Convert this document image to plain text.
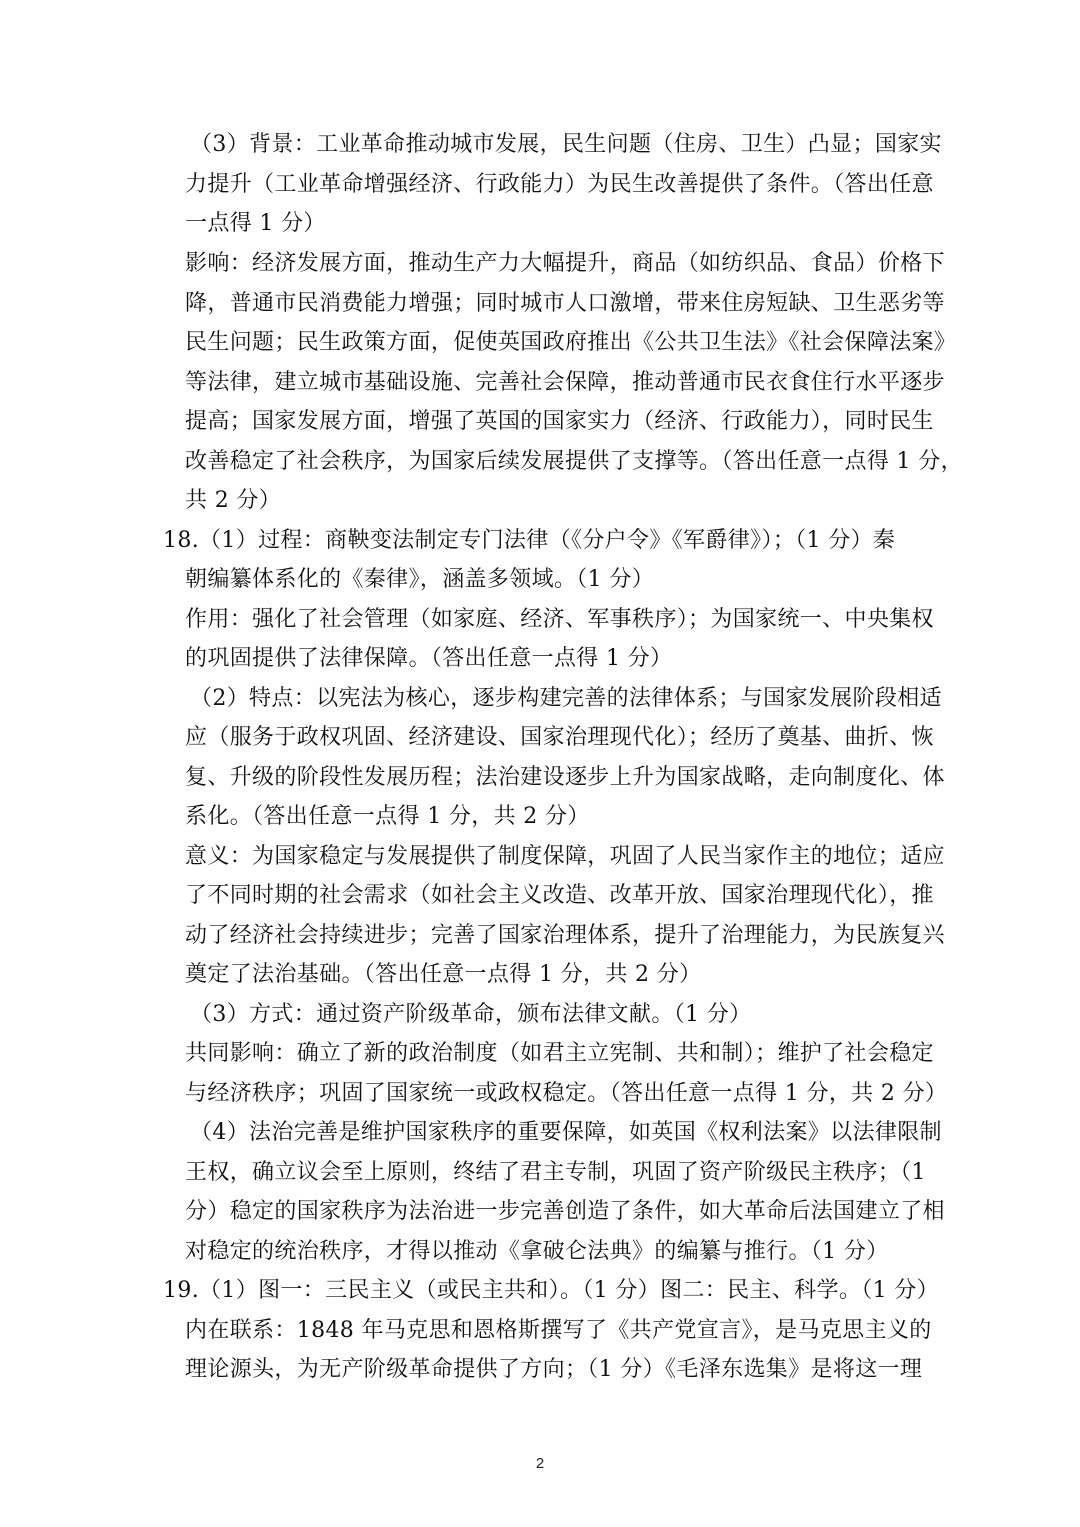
（3）背景：工业革命推动城市发展，民生问题（住房、卫生）凸显；国家实
力提升（工业革命增强经济、行政能力）为民生改善提供了条件。（答出任意
一点得 1 分）
影响：经济发展方面，推动生产力大幅提升，商品（如纺织品、食品）价格下
降，普通市民消费能力增强；同时城市人口激增，带来住房短缺、卫生恶劣等
民生问题；民生政策方面，促使英国政府推出《公共卫生法》《社会保障法案》
等法律，建立城市基础设施、完善社会保障，推动普通市民衣食住行水平逐步
提高；国家发展方面，增强了英国的国家实力（经济、行政能力），同时民生
改善稳定了社会秩序，为国家后续发展提供了支撑等。（答出任意一点得 1 分，
共 2 分）
18.（1）过程：商鞅变法制定专门法律（《分户令》《军爵律》）；（1 分）秦
朝编纂体系化的《秦律》，涵盖多领域。（1 分）
作用：强化了社会管理（如家庭、经济、军事秩序）；为国家统一、中央集权
的巩固提供了法律保障。（答出任意一点得 1 分）
（2）特点：以宪法为核心，逐步构建完善的法律体系；与国家发展阶段相适
应（服务于政权巩固、经济建设、国家治理现代化）；经历了奠基、曲折、恢
复、升级的阶段性发展历程；法治建设逐步上升为国家战略，走向制度化、体
系化。（答出任意一点得 1 分，共 2 分）
意义：为国家稳定与发展提供了制度保障，巩固了人民当家作主的地位；适应
了不同时期的社会需求（如社会主义改造、改革开放、国家治理现代化），推
动了经济社会持续进步；完善了国家治理体系，提升了治理能力，为民族复兴
奠定了法治基础。（答出任意一点得 1 分，共 2 分）
（3）方式：通过资产阶级革命，颁布法律文献。（1 分）
共同影响：确立了新的政治制度（如君主立宪制、共和制）；维护了社会稳定
与经济秩序；巩固了国家统一或政权稳定。（答出任意一点得 1 分，共 2 分）
（4）法治完善是维护国家秩序的重要保障，如英国《权利法案》以法律限制
王权，确立议会至上原则，终结了君主专制，巩固了资产阶级民主秩序；（1
分）稳定的国家秩序为法治进一步完善创造了条件，如大革命后法国建立了相
对稳定的统治秩序，才得以推动《拿破仑法典》的编纂与推行。（1 分）
19.（1）图一：三民主义（或民主共和）。（1 分）图二：民主、科学。（1 分）
内在联系：1848 年马克思和恩格斯撰写了《共产党宣言》，是马克思主义的
理论源头，为无产阶级革命提供了方向；（1 分）《毛泽东选集》是将这一理
2
